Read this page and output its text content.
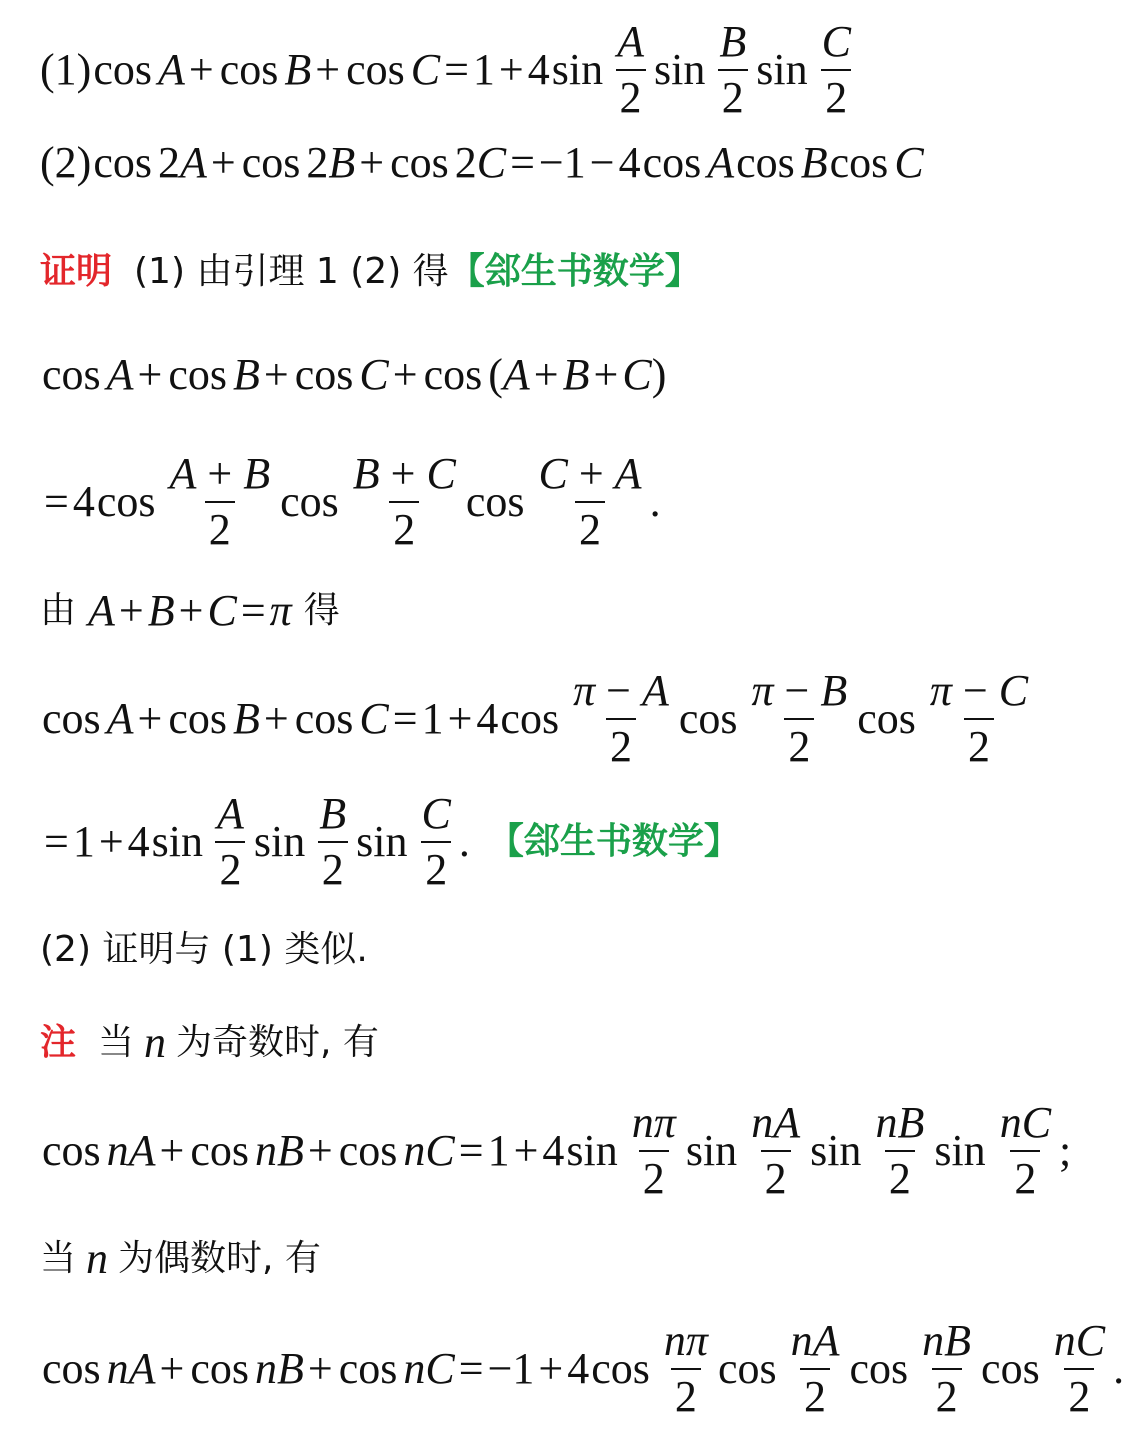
(1) cos A + cos B + cos C = 1 + 4 $\sin \frac{A}{2}$ $\sin \frac{B}{2}$ $\sin \frac{C}{2}$
(2) cos 2 A + cos 2 B + cos 2 C = −1 − 4 cos A cos B cos C
证明 (1) 由引理 1 (2) 得 【郐生书数学】
cos A + cos B + cos C + cos ( A + B + C )
= 4 $\cos \frac{A + B}{2}$ $\cos \frac{B + C}{2}$ $\cos \frac{C + A}{2}$ .
由 A+B+C=π 得
cos A + cos B + cos C = 1 + 4 $\cos \frac{\pi - A}{2}$ $\cos \frac{\pi - B}{2}$ $\cos \frac{\pi - C}{2}$
= 1 + 4 $\sin \frac{A}{2}$ $\sin \frac{B}{2}$ $\sin \frac{C}{2}$ . 【郐生书数学】
(2) 证明与 (1) 类似.
注 当 n 为奇数时, 有
cos nA + cos nB + cos nC = 1 + 4 $\sin \frac{n\pi}{2}$ $\sin \frac{nA}{2}$ $\sin \frac{nB}{2}$ $\sin \frac{nC}{2}$ ;
当 n 为偶数时, 有
cos nA + cos nB + cos nC = −1 + 4 $\cos \frac{n\pi}{2}$ $\cos \frac{nA}{2}$ $\cos \frac{nB}{2}$ $\cos \frac{nC}{2}$ .
